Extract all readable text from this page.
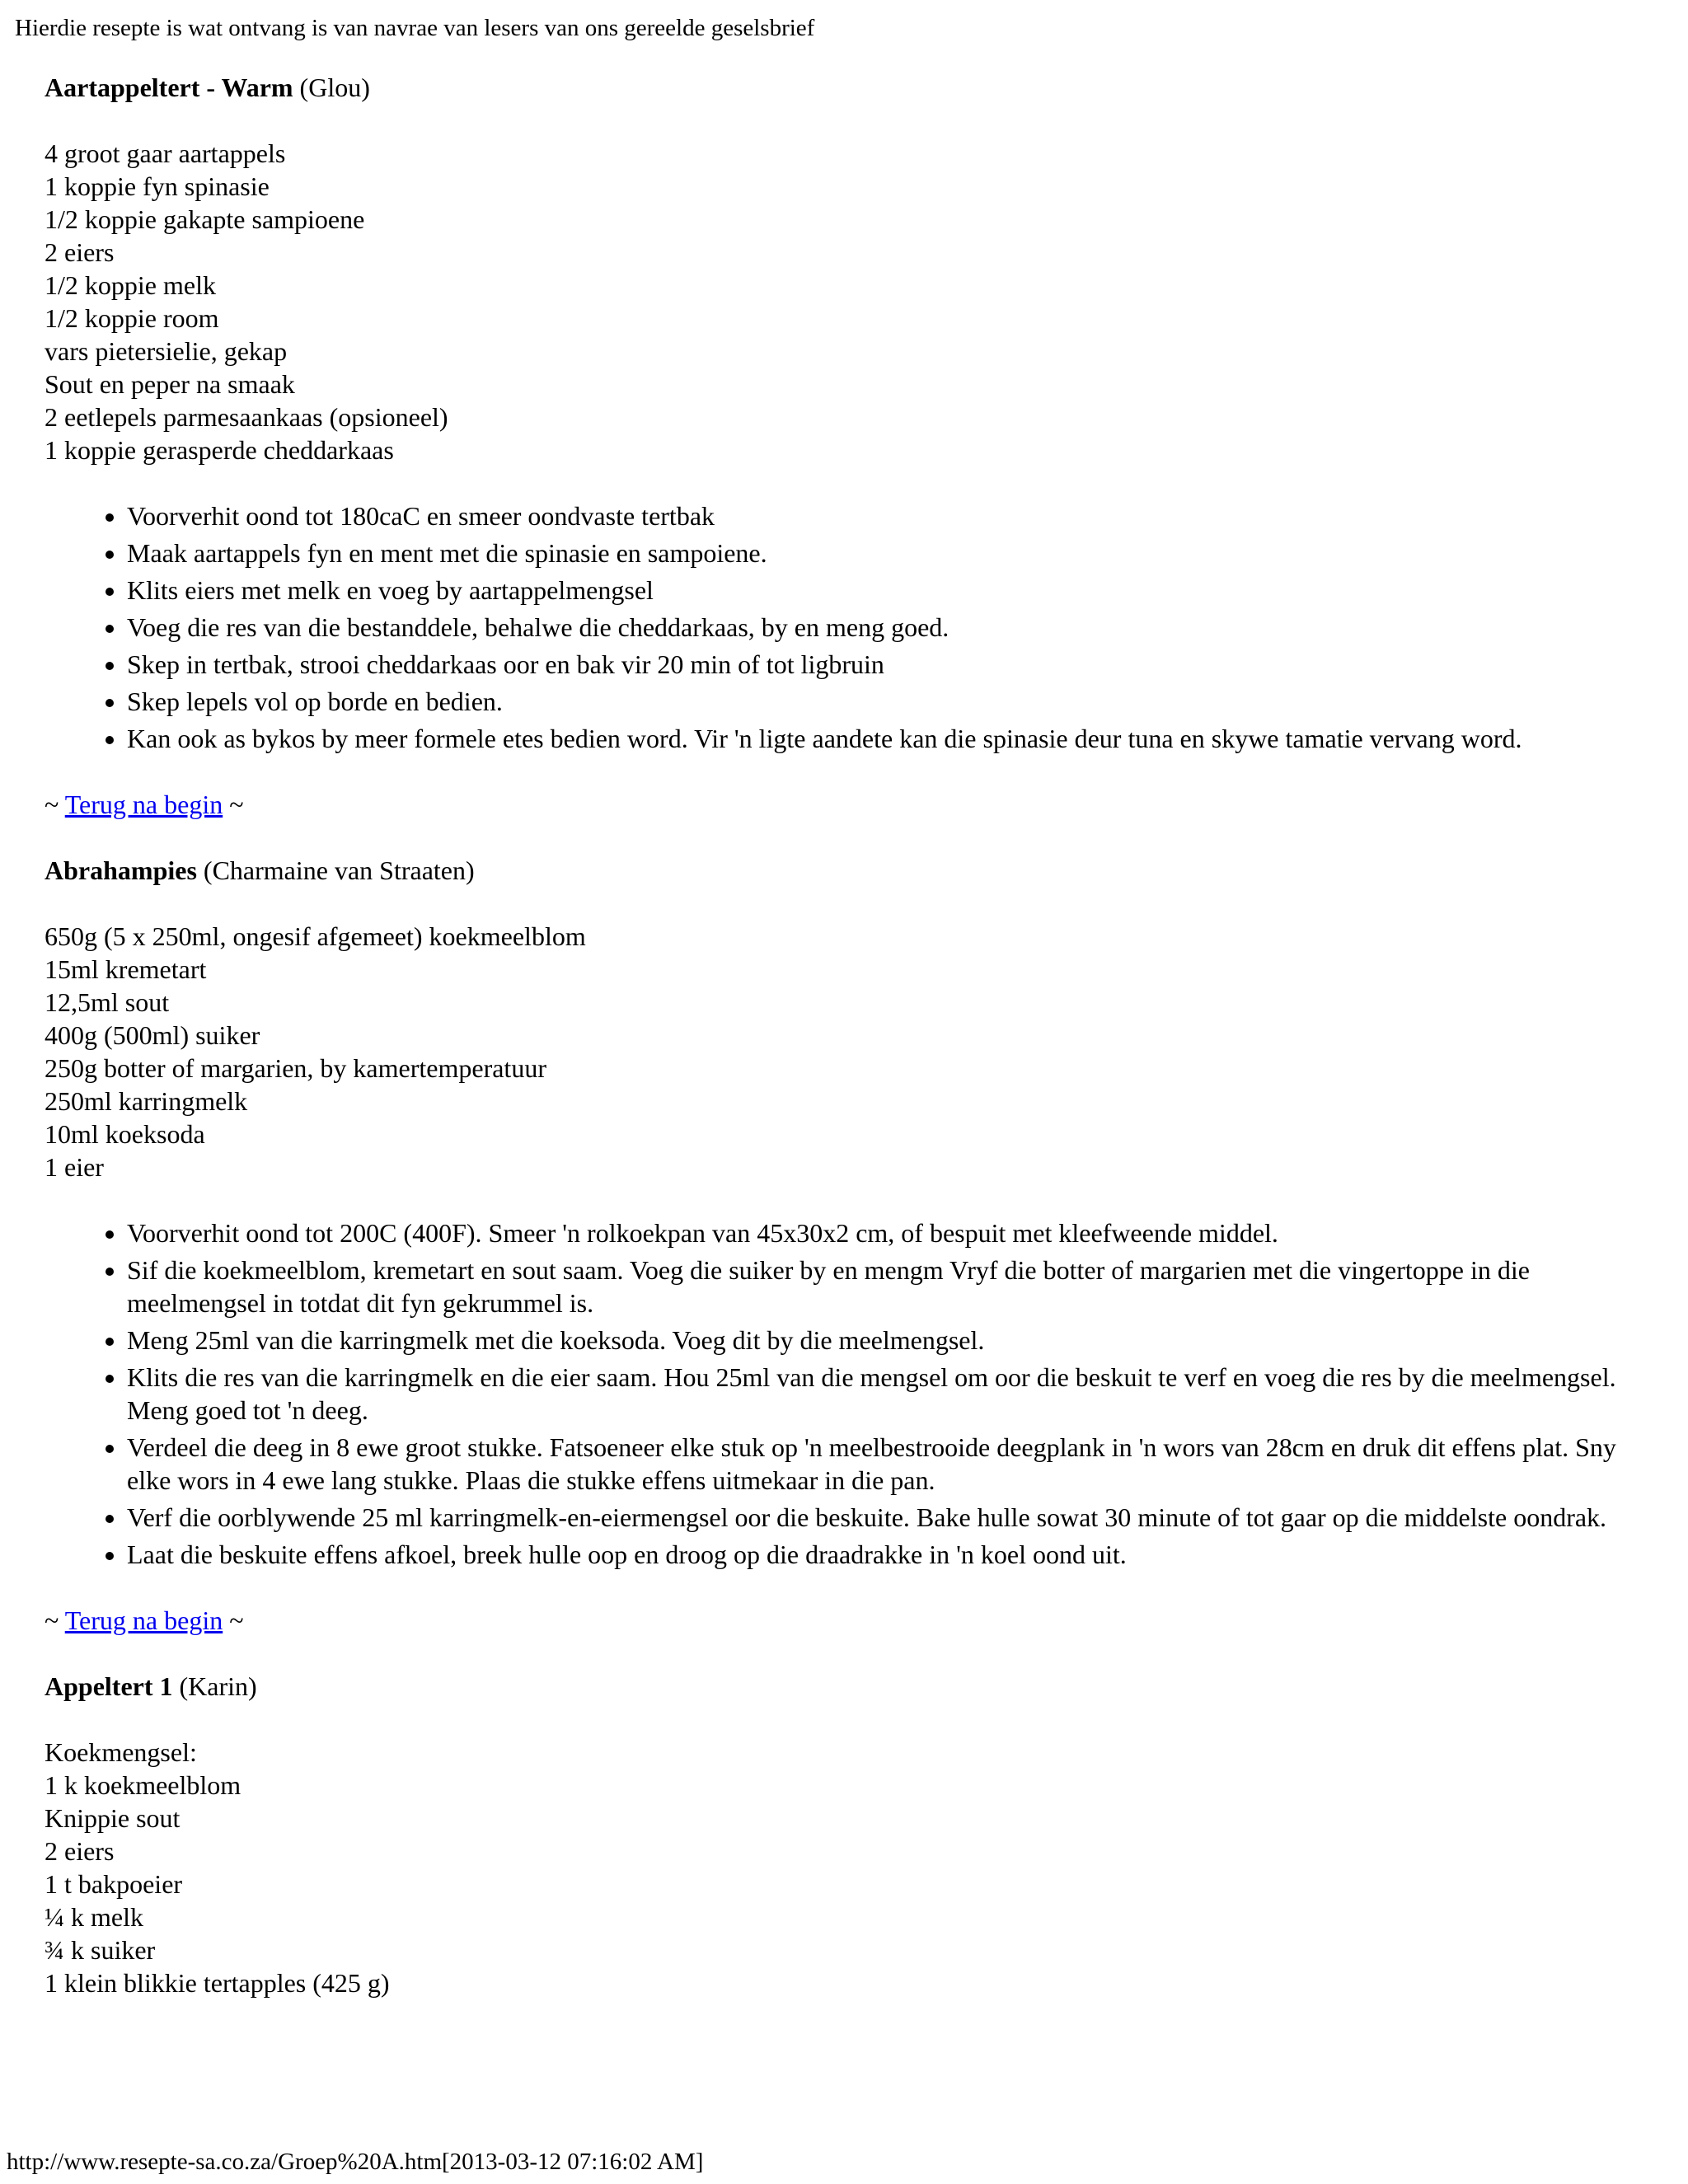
Hierdie resepte is wat ontvang is van navrae van lesers van ons gereelde geselsbrief

Aartappeltert - Warm (Glou)

4 groot gaar aartappels
1 koppie fyn spinasie
1/2 koppie gakapte sampioene
2 eiers
1/2 koppie melk
1/2 koppie room
vars pietersielie, gekap
Sout en peper na smaak
2 eetlepels parmesaankaas (opsioneel)
1 koppie gerasperde cheddarkaas
• Voorverhit oond tot 180caC en smeer oondvaste tertbak
• Maak aartappels fyn en ment met die spinasie en sampoiene.
• Klits eiers met melk en voeg by aartappelmengsel
• Voeg die res van die bestanddele, behalwe die cheddarkaas, by en meng goed.
• Skep in tertbak, strooi cheddarkaas oor en bak vir 20 min of tot ligbruin
• Skep lepels vol op borde en bedien.
• Kan ook as bykos by meer formele etes bedien word. Vir 'n ligte aandete kan die spinasie deur tuna en skywe tamatie vervang word.

~ Terug na begin ~

Abrahampies (Charmaine van Straaten)

650g (5 x 250ml, ongesif afgemeet) koekmeelblom
15ml kremetart
12,5ml sout
400g (500ml) suiker
250g botter of margarien, by kamertemperatuur
250ml karringmelk
10ml koeksoda
1 eier
• Voorverhit oond tot 200C (400F). Smeer 'n rolkoekpan van 45x30x2 cm, of bespuit met kleefweende middel.
• Sif die koekmeelblom, kremetart en sout saam. Voeg die suiker by en mengm Vryf die botter of margarien met die vingertoppe in die meelmengsel in totdat dit fyn gekrummel is.
• Meng 25ml van die karringmelk met die koeksoda. Voeg dit by die meelmengsel.
• Klits die res van die karringmelk en die eier saam. Hou 25ml van die mengsel om oor die beskuit te verf en voeg die res by die meelmengsel. Meng goed tot 'n deeg.
• Verdeel die deeg in 8 ewe groot stukke. Fatsoeneer elke stuk op 'n meelbestrooide deegplank in 'n wors van 28cm en druk dit effens plat. Sny elke wors in 4 ewe lang stukke. Plaas die stukke effens uitmekaar in die pan.
• Verf die oorblywende 25 ml karringmelk-en-eiermengsel oor die beskuite. Bake hulle sowat 30 minute of tot gaar op die middelste oondrak.
• Laat die beskuite effens afkoel, breek hulle oop en droog op die draadrakke in 'n koel oond uit.

~ Terug na begin ~

Appeltert 1 (Karin)

Koekmengsel:
1 k koekmeelblom
Knippie sout
2 eiers
1 t bakpoeier
¼ k melk
¾ k suiker
1 klein blikkie tertapples (425 g)
http://www.resepte-sa.co.za/Groep%20A.htm[2013-03-12 07:16:02 AM]
